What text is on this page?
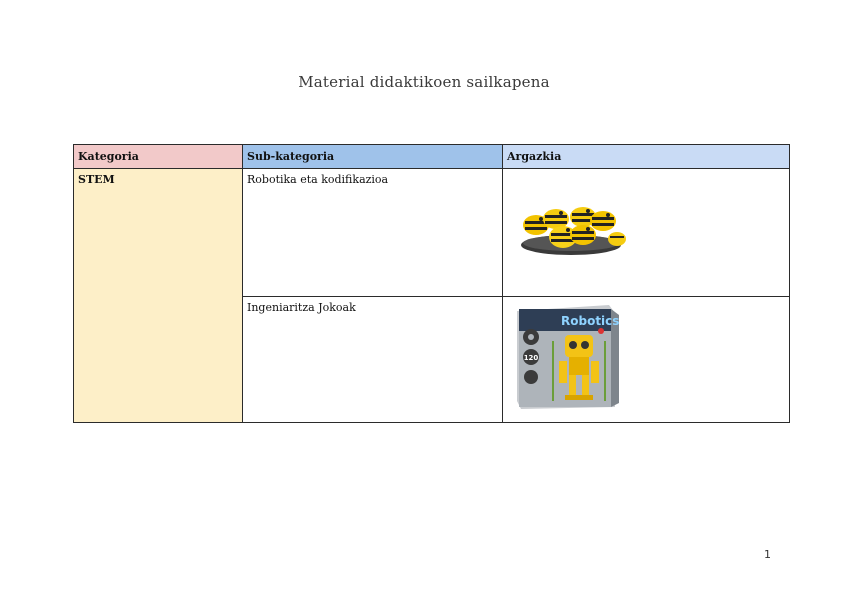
Material didaktikoen sailkapena
Kategoria	Sub-kategoria	Argazkia
STEM	Robotika eta kodifikazioa	

	Ingeniaritza Jokoak	Robotics
120
1
